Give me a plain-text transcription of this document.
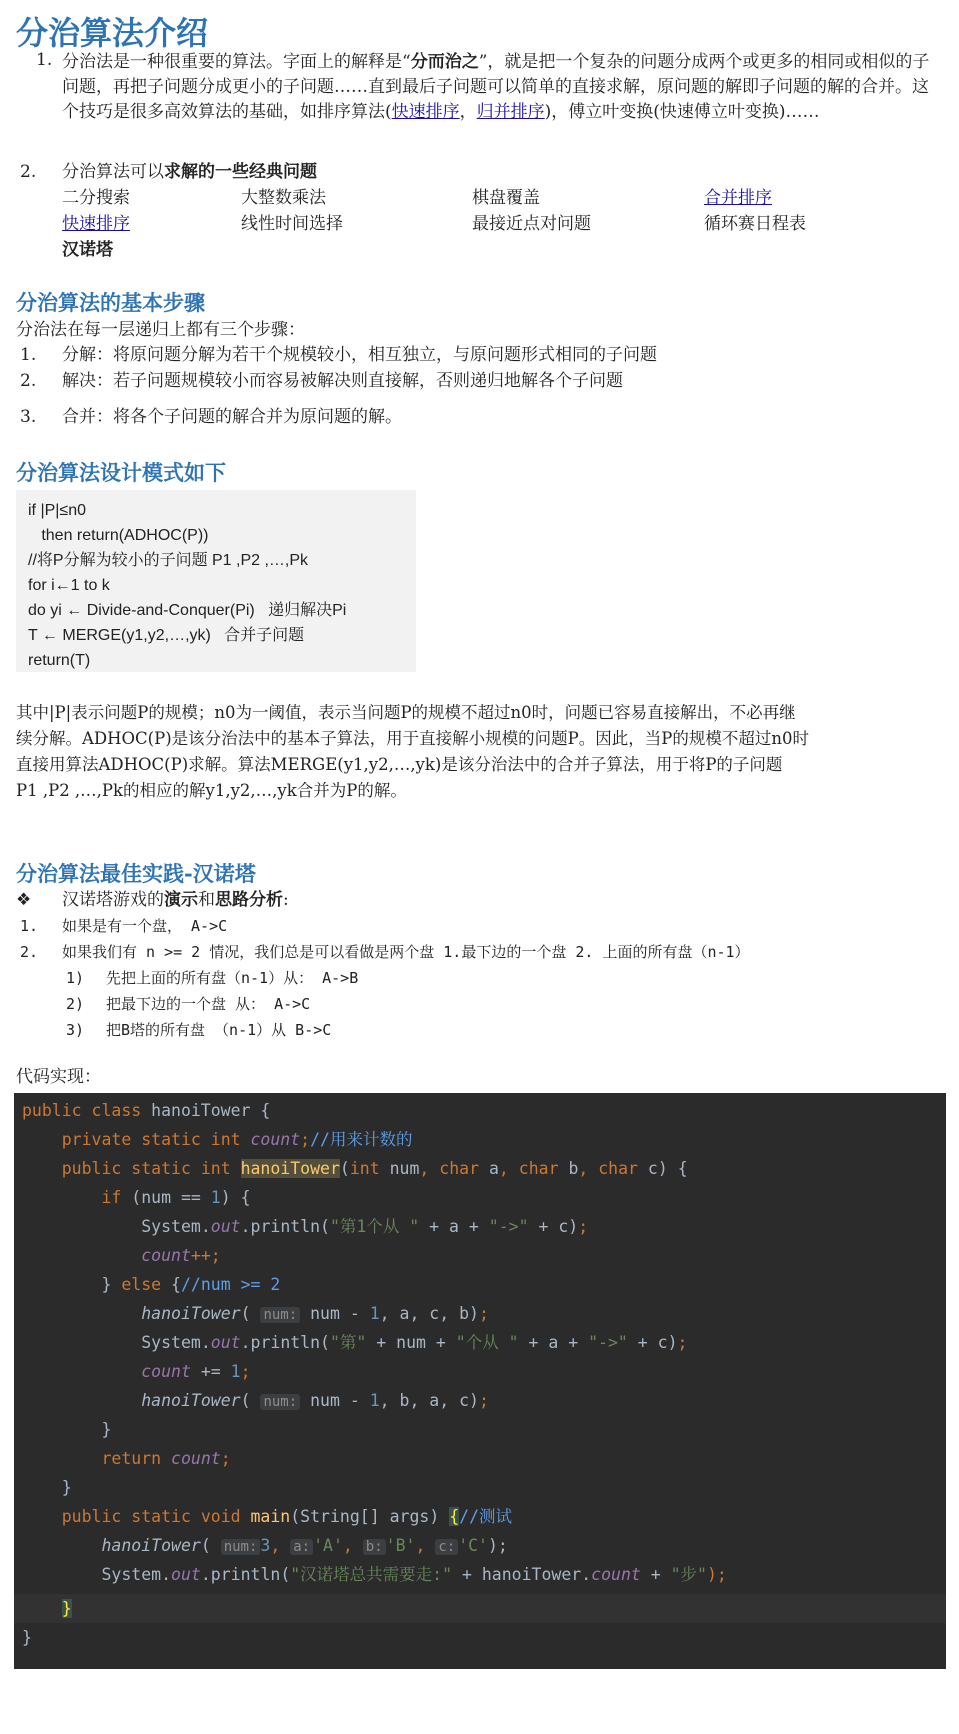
分治算法介绍
1. 分治法是一种很重要的算法。字面上的解释是“分而治之”，就是把一个复杂的问题分成两个或更多的相同或相似的子问题，再把子问题分成更小的子问题……直到最后子问题可以简单的直接求解，原问题的解即子问题的解的合并。这个技巧是很多高效算法的基础，如排序算法(快速排序，归并排序)，傅立叶变换(快速傅立叶变换)……
2. 分治算法可以求解的一些经典问题
二分搜索	大整数乘法	棋盘覆盖	合并排序
快速排序	线性时间选择	最接近点对问题	循环赛日程表
汉诺塔
分治算法的基本步骤
分治法在每一层递归上都有三个步骤：
1. 分解：将原问题分解为若干个规模较小，相互独立，与原问题形式相同的子问题
2. 解决：若子问题规模较小而容易被解决则直接解，否则递归地解各个子问题
3. 合并：将各个子问题的解合并为原问题的解。
分治算法设计模式如下
if |P|≤n0
then return(ADHOC(P))
//将P分解为较小的子问题 P1 ,P2 ,…,Pk
for i←1 to k
do yi ← Divide-and-Conquer(Pi)   递归解决Pi
T ← MERGE(y1,y2,…,yk)   合并子问题
return(T)
其中|P|表示问题P的规模；n0为一阈值，表示当问题P的规模不超过n0时，问题已容易直接解出，不必再继
续分解。ADHOC(P)是该分治法中的基本子算法，用于直接解小规模的问题P。因此，当P的规模不超过n0时
直接用算法ADHOC(P)求解。算法MERGE(y1,y2,…,yk)是该分治法中的合并子算法，用于将P的子问题
P1 ,P2 ,…,Pk的相应的解y1,y2,…,yk合并为P的解。
分治算法最佳实践-汉诺塔
❖ 汉诺塔游戏的演示和思路分析:
1. 如果是有一个盘， A->C
2. 如果我们有 n >= 2 情况，我们总是可以看做是两个盘 1.最下边的一个盘 2. 上面的所有盘（n-1）
1) 先把上面的所有盘（n-1）从： A->B
2) 把最下边的一个盘 从： A->C
3) 把B塔的所有盘 （n-1）从 B->C
代码实现：
public class hanoiTower {
private static int count;//用来计数的
public static int hanoiTower(int num, char a, char b, char c) {
if (num == 1) {
System.out.println("第1个从 " + a + "->" + c);
count++;
} else {//num >= 2
hanoiTower( num: num - 1, a, c, b);
System.out.println("第" + num + "个从 " + a + "->" + c);
count += 1;
hanoiTower( num: num - 1, b, a, c);
}
return count;
}
public static void main(String[] args) {//测试
hanoiTower( num: 3, a: 'A', b: 'B', c: 'C');
System.out.println("汉诺塔总共需要走:" + hanoiTower.count + "步");
}
}
